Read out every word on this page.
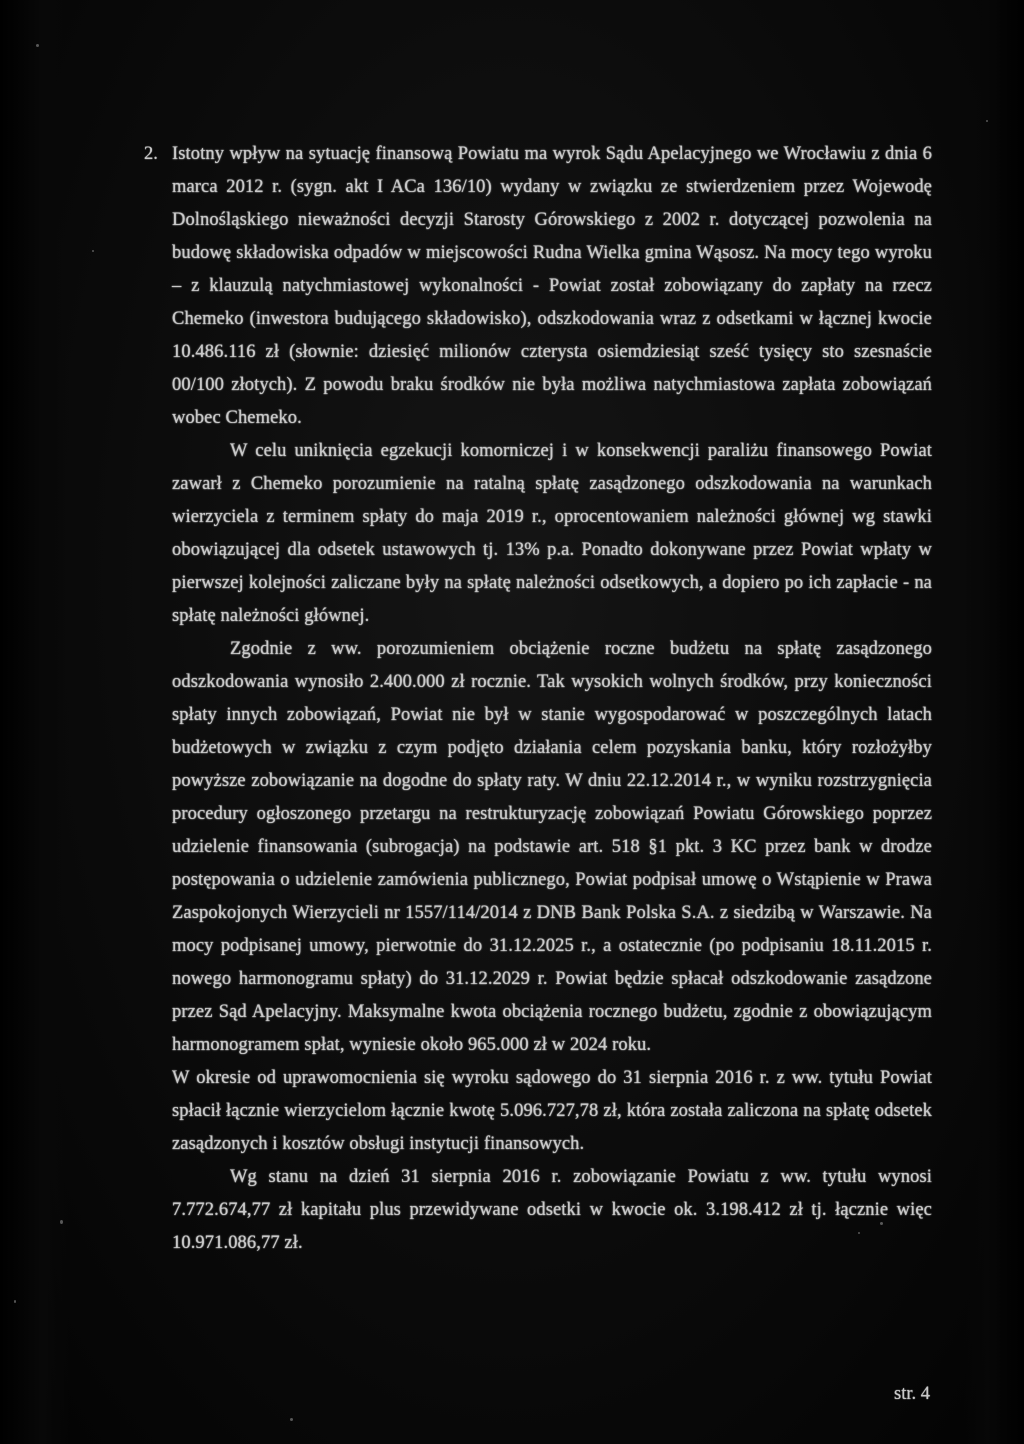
2. Istotny wpływ na sytuację finansową Powiatu ma wyrok Sądu Apelacyjnego we Wrocławiu z dnia 6 marca 2012 r. (sygn. akt I ACa 136/10) wydany w związku ze stwierdzeniem przez Wojewodę Dolnośląskiego nieważności decyzji Starosty Górowskiego z 2002 r. dotyczącej pozwolenia na budowę składowiska odpadów w miejscowości Rudna Wielka gmina Wąsosz. Na mocy tego wyroku – z klauzulą natychmiastowej wykonalności - Powiat został zobowiązany do zapłaty na rzecz Chemeko (inwestora budującego składowisko), odszkodowania wraz z odsetkami w łącznej kwocie 10.486.116 zł (słownie: dziesięć milionów czterysta osiemdziesiąt sześć tysięcy sto szesnaście 00/100 złotych). Z powodu braku środków nie była możliwa natychmiastowa zapłata zobowiązań wobec Chemeko.

W celu uniknięcia egzekucji komorniczej i w konsekwencji paraliżu finansowego Powiat zawarł z Chemeko porozumienie na ratalną spłatę zasądzonego odszkodowania na warunkach wierzyciela z terminem spłaty do maja 2019 r., oprocentowaniem należności głównej wg stawki obowiązującej dla odsetek ustawowych tj. 13% p.a. Ponadto dokonywane przez Powiat wpłaty w pierwszej kolejności zaliczane były na spłatę należności odsetkowych, a dopiero po ich zapłacie - na spłatę należności głównej.

Zgodnie z ww. porozumieniem obciążenie roczne budżetu na spłatę zasądzonego odszkodowania wynosiło 2.400.000 zł rocznie. Tak wysokich wolnych środków, przy konieczności spłaty innych zobowiązań, Powiat nie był w stanie wygospodarować w poszczególnych latach budżetowych w związku z czym podjęto działania celem pozyskania banku, który rozłożyłby powyższe zobowiązanie na dogodne do spłaty raty. W dniu 22.12.2014 r., w wyniku rozstrzygnięcia procedury ogłoszonego przetargu na restrukturyzację zobowiązań Powiatu Górowskiego poprzez udzielenie finansowania (subrogacja) na podstawie art. 518 §1 pkt. 3 KC przez bank w drodze postępowania o udzielenie zamówienia publicznego, Powiat podpisał umowę o Wstąpienie w Prawa Zaspokojonych Wierzycieli nr 1557/114/2014 z DNB Bank Polska S.A. z siedzibą w Warszawie. Na mocy podpisanej umowy, pierwotnie do 31.12.2025 r., a ostatecznie (po podpisaniu 18.11.2015 r. nowego harmonogramu spłaty) do 31.12.2029 r. Powiat będzie spłacał odszkodowanie zasądzone przez Sąd Apelacyjny. Maksymalne kwota obciążenia rocznego budżetu, zgodnie z obowiązującym harmonogramem spłat, wyniesie około 965.000 zł w 2024 roku.

W okresie od uprawomocnienia się wyroku sądowego do 31 sierpnia 2016 r. z ww. tytułu Powiat spłacił łącznie wierzycielom łącznie kwotę 5.096.727,78 zł, która została zaliczona na spłatę odsetek zasądzonych i kosztów obsługi instytucji finansowych.

Wg stanu na dzień 31 sierpnia 2016 r. zobowiązanie Powiatu z ww. tytułu wynosi 7.772.674,77 zł kapitału plus przewidywane odsetki w kwocie ok. 3.198.412 zł tj. łącznie więc 10.971.086,77 zł.

str. 4
